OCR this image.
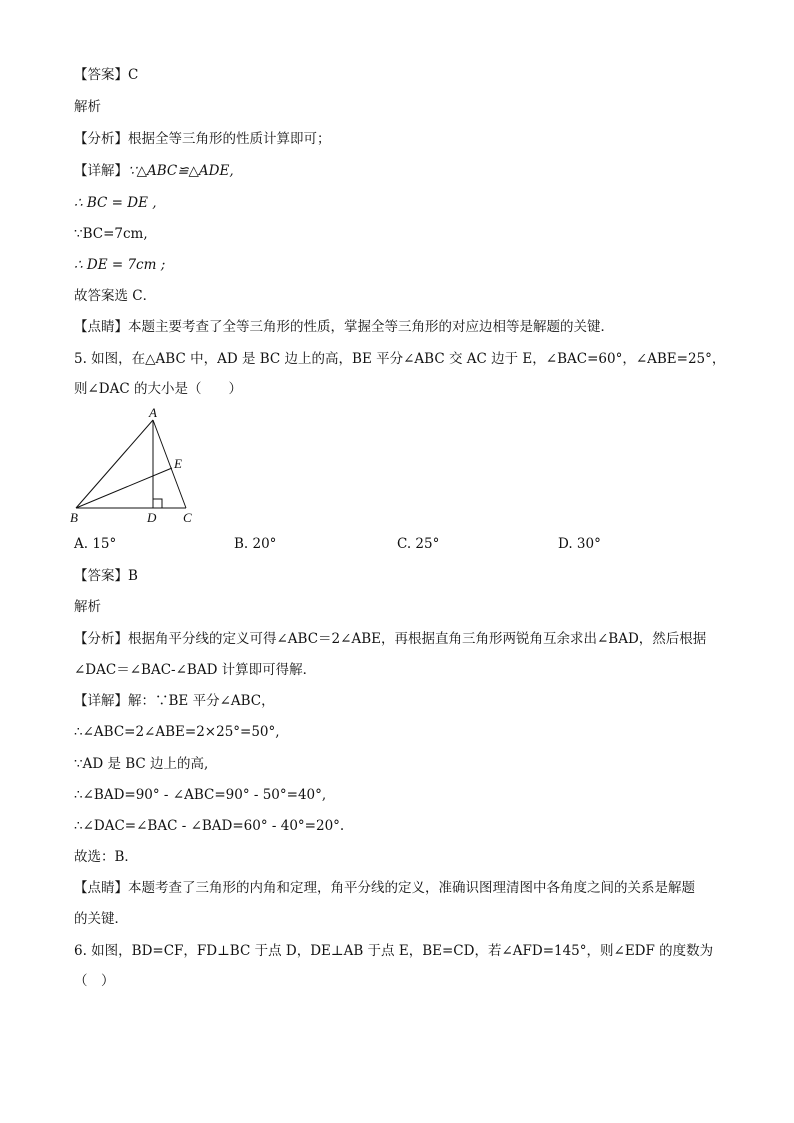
【答案】C
解析
【分析】根据全等三角形的性质计算即可；
【详解】∵△ABC≌△ADE,
∴ BC = DE ,
∵BC=7cm,
∴ DE = 7cm ;
故答案选 C．
【点睛】本题主要考查了全等三角形的性质，掌握全等三角形的对应边相等是解题的关键．
5. 如图，在△ABC 中，AD 是 BC 边上的高，BE 平分∠ABC 交 AC 边于 E，∠BAC=60°，∠ABE=25°，
则∠DAC 的大小是（　　）
A
E
B	D C
A. 15°	B. 20°	C. 25°	D. 30°
【答案】B
解析
【分析】根据角平分线的定义可得∠ABC＝2∠ABE，再根据直角三角形两锐角互余求出∠BAD，然后根据
∠DAC＝∠BAC-∠BAD 计算即可得解．
【详解】解：∵BE 平分∠ABC，
∴∠ABC=2∠ABE=2×25°=50°,
∵AD 是 BC 边上的高,
∴∠BAD=90° - ∠ABC=90° - 50°=40°,
∴∠DAC=∠BAC - ∠BAD=60° - 40°=20°.
故选：B．
【点睛】本题考查了三角形的内角和定理，角平分线的定义，准确识图理清图中各角度之间的关系是解题
的关键．
6. 如图，BD=CF，FD⊥BC 于点 D，DE⊥AB 于点 E，BE=CD，若∠AFD=145°，则∠EDF 的度数为
（　）
